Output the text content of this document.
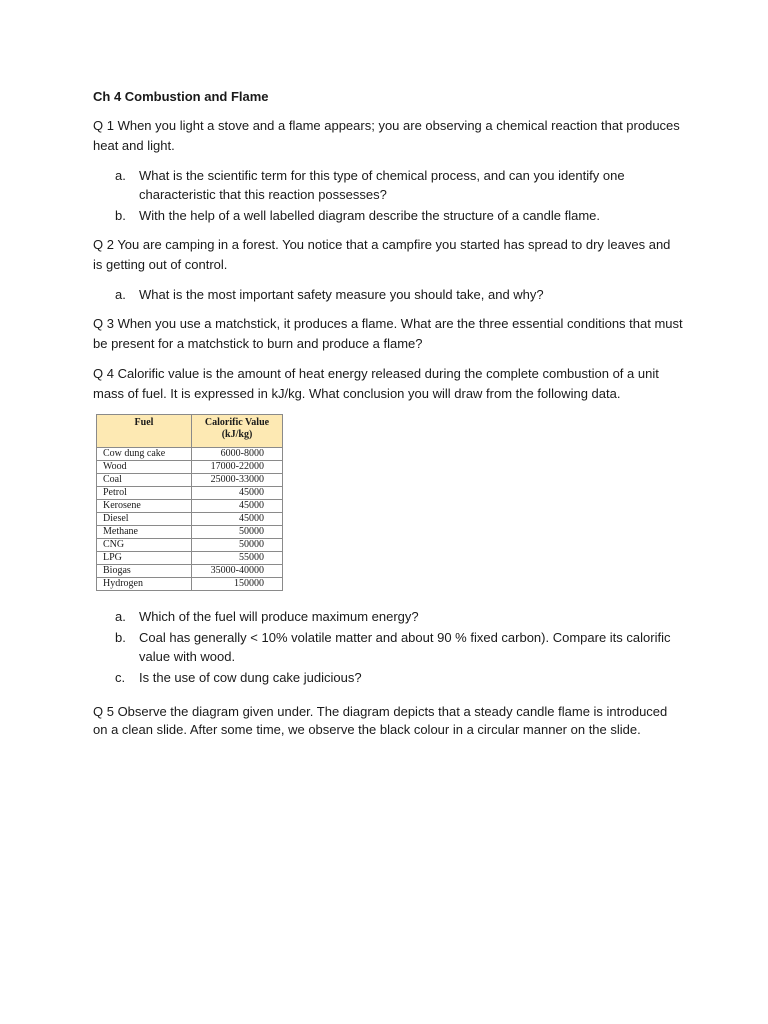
Ch 4 Combustion and Flame

Q 1 When you light a stove and a flame appears; you are observing a chemical reaction that produces heat and light.

a. What is the scientific term for this type of chemical process, and can you identify one characteristic that this reaction possesses?
b. With the help of a well labelled diagram describe the structure of a candle flame.

Q 2 You are camping in a forest. You notice that a campfire you started has spread to dry leaves and is getting out of control.

a. What is the most important safety measure you should take, and why?

Q 3 When you use a matchstick, it produces a flame. What are the three essential conditions that must be present for a matchstick to burn and produce a flame?

Q 4 Calorific value is the amount of heat energy released during the complete combustion of a unit mass of fuel. It is expressed in kJ/kg. What conclusion you will draw from the following data.

Fuel	Calorific Value
(kJ/kg)
Cow dung cake	6000-8000
Wood	17000-22000
Coal	25000-33000
Petrol	45000
Kerosene	45000
Diesel	45000
Methane	50000
CNG	50000
LPG	55000
Biogas	35000-40000
Hydrogen	150000
a. Which of the fuel will produce maximum energy?
b. Coal has generally < 10% volatile matter and about 90 % fixed carbon). Compare its calorific value with wood.
c. Is the use of cow dung cake judicious?

Q 5 Observe the diagram given under. The diagram depicts that a steady candle flame is introduced on a clean slide. After some time, we observe the black colour in a circular manner on the slide.
